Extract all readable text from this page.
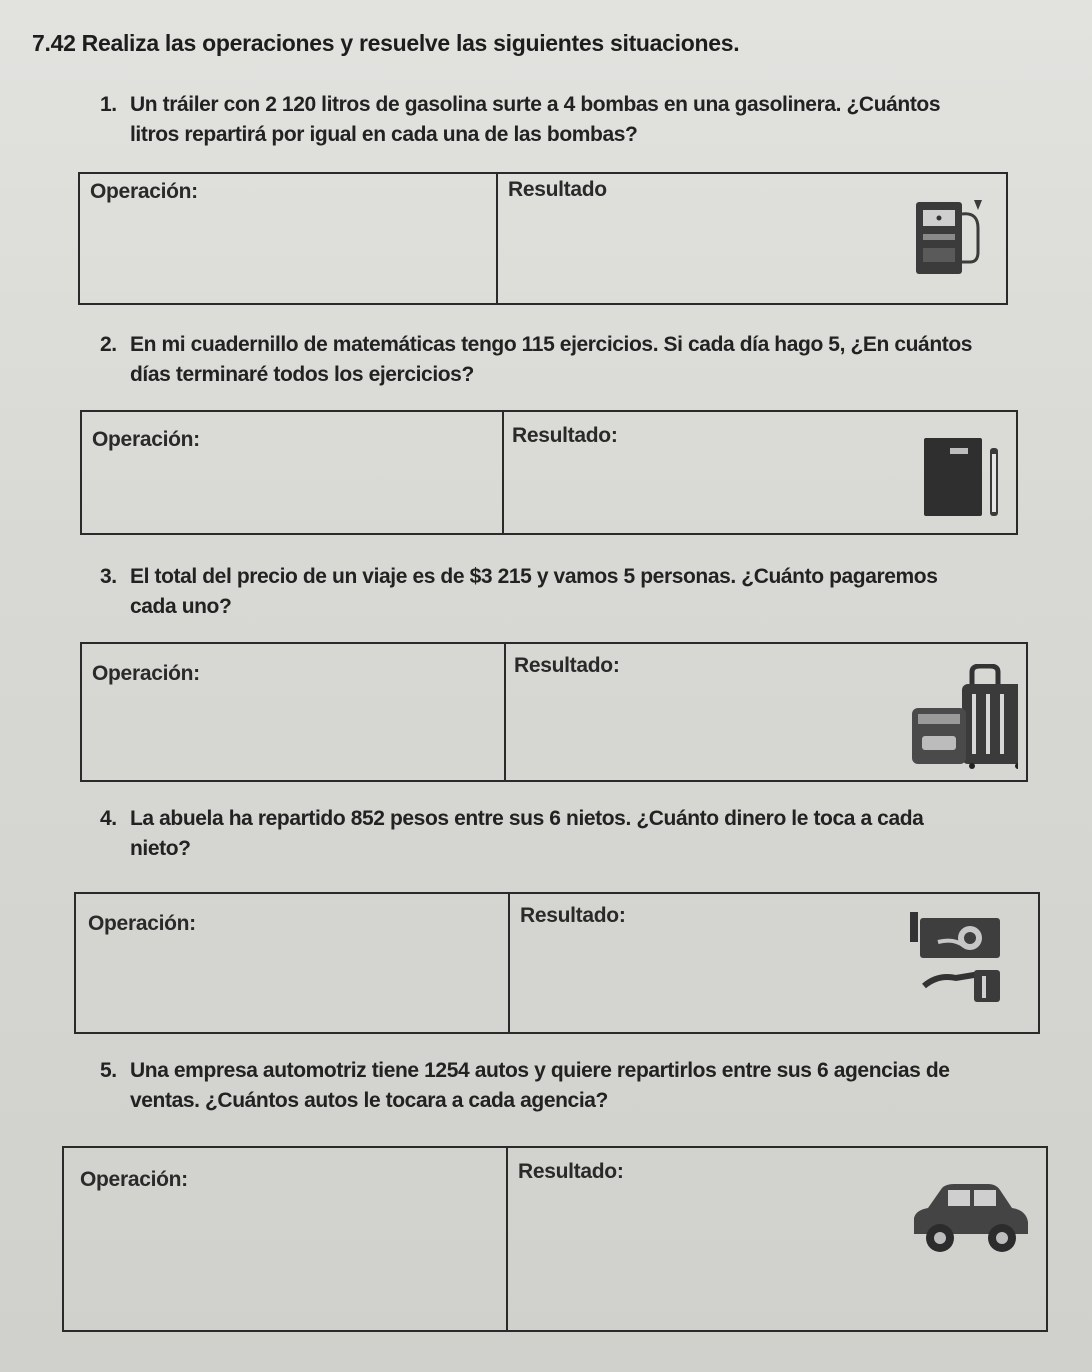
7.42 Realiza las operaciones y resuelve las siguientes situaciones.
1. Un tráiler con 2 120 litros de gasolina surte a 4 bombas en una gasolinera. ¿Cuántos
litros repartirá por igual en cada una de las bombas?
Operación:	Resultado
2. En mi cuadernillo de matemáticas tengo 115 ejercicios. Si cada día hago 5, ¿En cuántos
días terminaré todos los ejercicios?
Operación:	Resultado:
3. El total del precio de un viaje es de $3 215 y vamos 5 personas. ¿Cuánto pagaremos
cada uno?
Operación:	Resultado:
4. La abuela ha repartido 852 pesos entre sus 6 nietos. ¿Cuánto dinero le toca a cada
nieto?
Operación:	Resultado:
5. Una empresa automotriz tiene 1254 autos y quiere repartirlos entre sus 6 agencias de
ventas. ¿Cuántos autos le tocara a cada agencia?
Operación:	Resultado:
